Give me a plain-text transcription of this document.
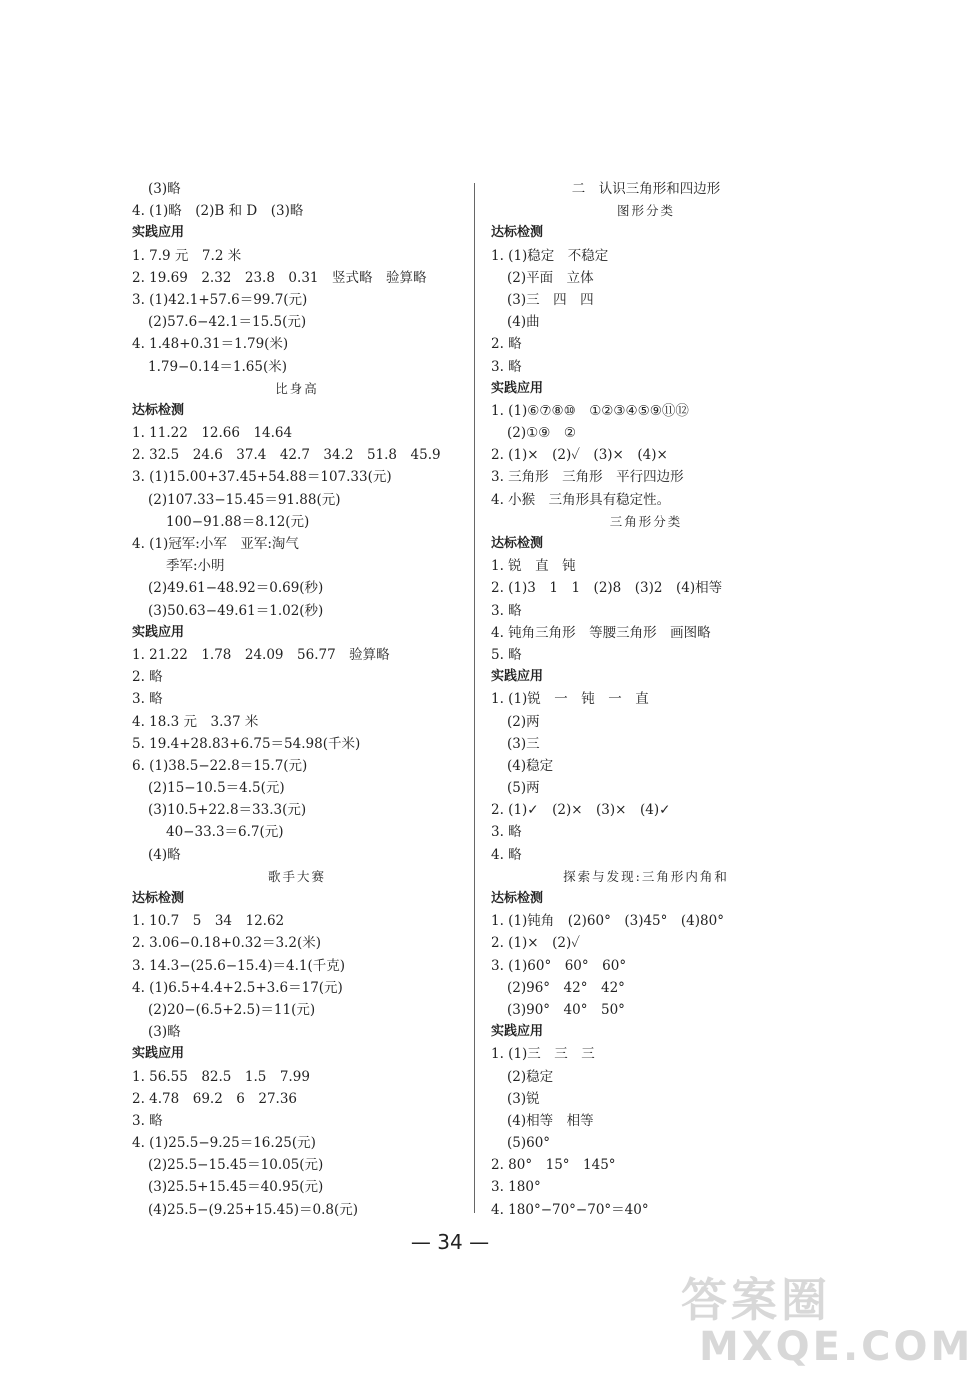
(3)略
4. (1)略　(2)B 和 D　(3)略
实践应用
1. 7.9 元　7.2 米
2. 19.69　2.32　23.8　0.31　竖式略　验算略
3. (1)42.1+57.6＝99.7(元)
(2)57.6−42.1＝15.5(元)
4. 1.48+0.31＝1.79(米)
1.79−0.14＝1.65(米)
比身高
达标检测
1. 11.22　12.66　14.64
2. 32.5　24.6　37.4　42.7　34.2　51.8　45.9
3. (1)15.00+37.45+54.88＝107.33(元)
(2)107.33−15.45＝91.88(元)
100−91.88＝8.12(元)
4. (1)冠军:小军　亚军:淘气
季军:小明
(2)49.61−48.92＝0.69(秒)
(3)50.63−49.61＝1.02(秒)
实践应用
1. 21.22　1.78　24.09　56.77　验算略
2. 略
3. 略
4. 18.3 元　3.37 米
5. 19.4+28.83+6.75＝54.98(千米)
6. (1)38.5−22.8＝15.7(元)
(2)15−10.5＝4.5(元)
(3)10.5+22.8＝33.3(元)
40−33.3＝6.7(元)
(4)略
歌手大赛
达标检测
1. 10.7　5　34　12.62
2. 3.06−0.18+0.32＝3.2(米)
3. 14.3−(25.6−15.4)＝4.1(千克)
4. (1)6.5+4.4+2.5+3.6＝17(元)
(2)20−(6.5+2.5)＝11(元)
(3)略
实践应用
1. 56.55　82.5　1.5　7.99
2. 4.78　69.2　6　27.36
3. 略
4. (1)25.5−9.25＝16.25(元)
(2)25.5−15.45＝10.05(元)
(3)25.5+15.45＝40.95(元)
(4)25.5−(9.25+15.45)＝0.8(元)
二　认识三角形和四边形
图形分类
达标检测
1. (1)稳定　不稳定
(2)平面　立体
(3)三　四　四
(4)曲
2. 略
3. 略
实践应用
1. (1)⑥⑦⑧⑩　①②③④⑤⑨⑪⑫
(2)①⑨　②
2. (1)×　(2)✓　(3)×　(4)×
3. 三角形　三角形　平行四边形
4. 小猴　三角形具有稳定性。
三角形分类
达标检测
1. 锐　直　钝
2. (1)3　1　1　(2)8　(3)2　(4)相等
3. 略
4. 钝角三角形　等腰三角形　画图略
5. 略
实践应用
1. (1)锐　一　钝　一　直
(2)两
(3)三
(4)稳定
(5)两
2. (1)✓　(2)×　(3)×　(4)✓
3. 略
4. 略
探索与发现:三角形内角和
达标检测
1. (1)钝角　(2)60°　(3)45°　(4)80°
2. (1)×　(2)✓
3. (1)60°　60°　60°
(2)96°　42°　42°
(3)90°　40°　50°
实践应用
1. (1)三　三　三
(2)稳定
(3)锐
(4)相等　相等
(5)60°
2. 80°　15°　145°
3. 180°
4. 180°−70°−70°＝40°
— 34 —
答案圈
MXQE.COM
